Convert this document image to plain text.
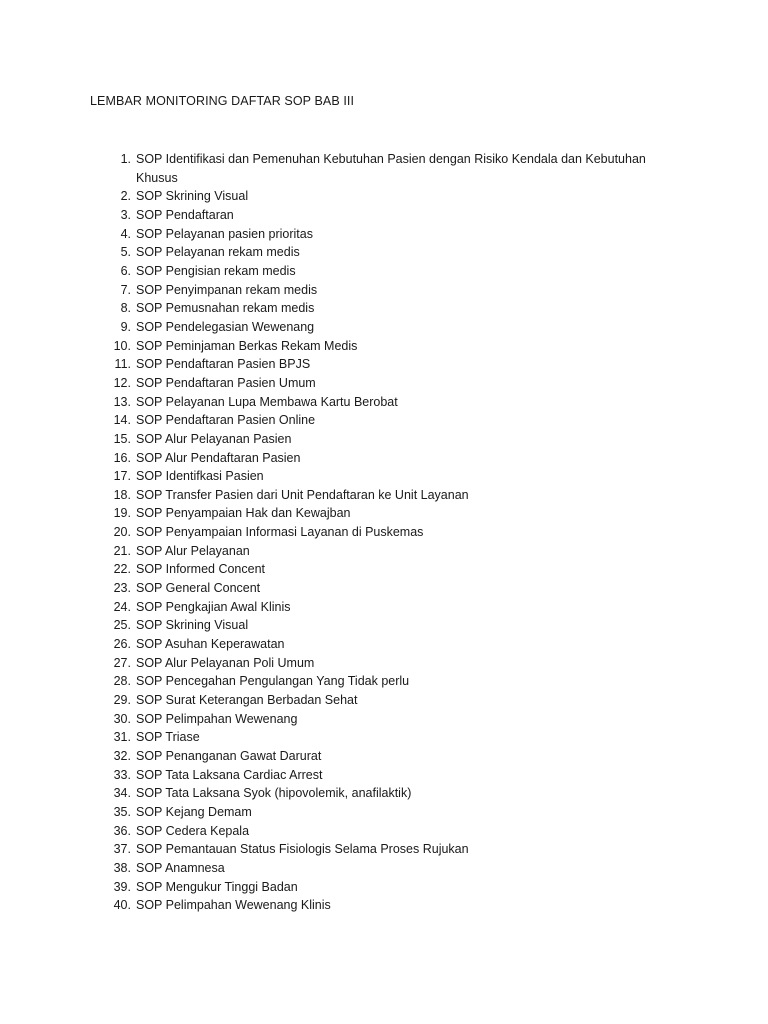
LEMBAR MONITORING DAFTAR SOP BAB III
1. SOP Identifikasi dan Pemenuhan Kebutuhan Pasien dengan Risiko Kendala dan Kebutuhan Khusus
2. SOP Skrining Visual
3. SOP Pendaftaran
4. SOP Pelayanan pasien prioritas
5. SOP Pelayanan rekam medis
6. SOP Pengisian rekam medis
7. SOP Penyimpanan rekam medis
8. SOP Pemusnahan rekam medis
9. SOP Pendelegasian Wewenang
10. SOP Peminjaman Berkas Rekam Medis
11. SOP Pendaftaran Pasien BPJS
12. SOP Pendaftaran Pasien Umum
13. SOP Pelayanan Lupa Membawa Kartu Berobat
14. SOP Pendaftaran Pasien Online
15. SOP Alur Pelayanan Pasien
16. SOP Alur Pendaftaran Pasien
17. SOP Identifkasi Pasien
18. SOP Transfer Pasien dari Unit Pendaftaran ke Unit Layanan
19. SOP Penyampaian Hak dan Kewajban
20. SOP Penyampaian Informasi Layanan di Puskemas
21. SOP Alur Pelayanan
22. SOP Informed Concent
23. SOP General Concent
24. SOP Pengkajian Awal Klinis
25. SOP Skrining Visual
26. SOP Asuhan Keperawatan
27. SOP Alur Pelayanan Poli Umum
28. SOP Pencegahan Pengulangan Yang Tidak perlu
29. SOP Surat Keterangan Berbadan Sehat
30. SOP Pelimpahan Wewenang
31. SOP Triase
32. SOP Penanganan Gawat Darurat
33. SOP Tata Laksana Cardiac Arrest
34. SOP Tata Laksana Syok (hipovolemik, anafilaktik)
35. SOP Kejang Demam
36. SOP Cedera Kepala
37. SOP Pemantauan Status Fisiologis Selama Proses Rujukan
38. SOP Anamnesa
39. SOP Mengukur Tinggi Badan
40. SOP Pelimpahan Wewenang Klinis
